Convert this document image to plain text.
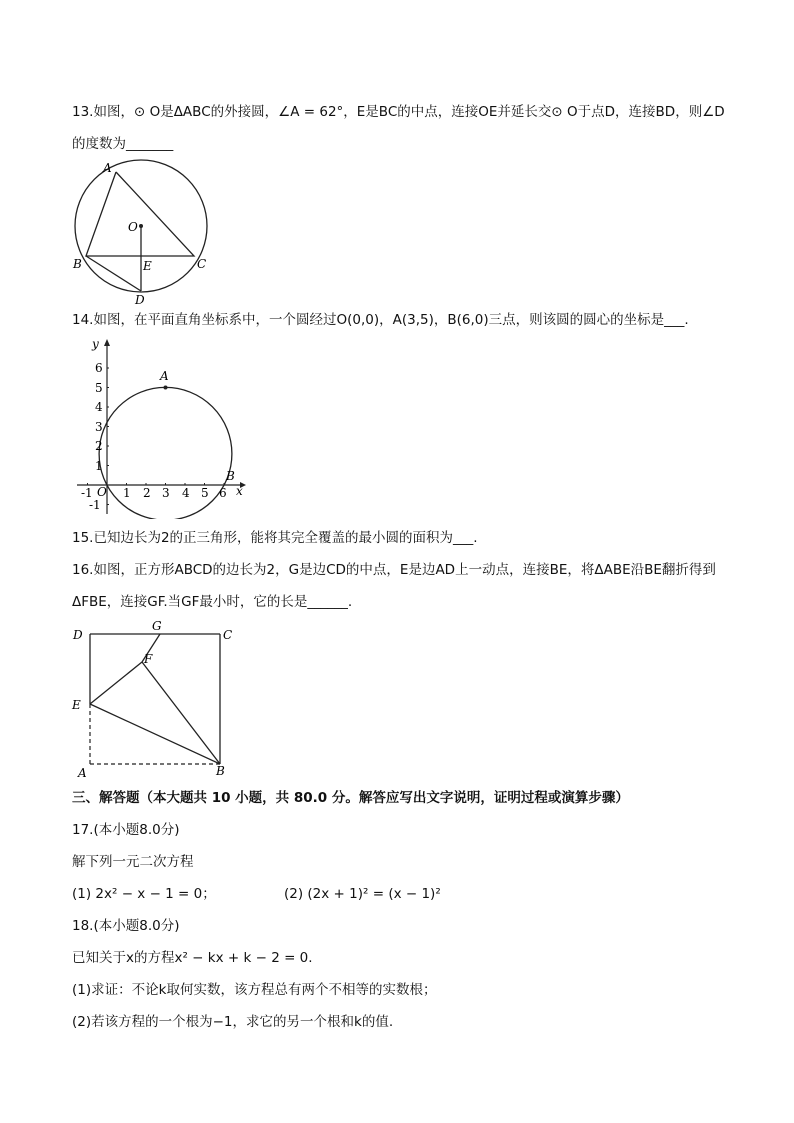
13.如图，⊙ O是ΔABC的外接圆，∠A = 62°，E是BC的中点，连接OE并延长交⊙ O于点D，连接BD，则∠D
的度数为_______
A
O
B	E	C
D
14.如图，在平面直角坐标系中，一个圆经过O(0,0)，A(3,5)，B(6,0)三点，则该圆的圆心的坐标是___.
y
x
O
A
B
-1	1 2 3 4 5 6
-1
1
2
3
4
5
6
15.已知边长为2的正三角形，能将其完全覆盖的最小圆的面积为___.
16.如图，正方形ABCD的边长为2，G是边CD的中点，E是边AD上一动点，连接BE，将ΔABE沿BE翻折得到
ΔFBE，连接GF.当GF最小时，它的长是______.
D
G
C
F
E
A	B
三、解答题（本大题共 10 小题，共 80.0 分。解答应写出文字说明，证明过程或演算步骤）
17.(本小题8.0分)
解下列一元二次方程
(1) 2x² − x − 1 = 0；	(2) (2x + 1)² = (x − 1)²
18.(本小题8.0分)
已知关于x的方程x² − kx + k − 2 = 0.
(1)求证：不论k取何实数，该方程总有两个不相等的实数根；
(2)若该方程的一个根为−1，求它的另一个根和k的值.
